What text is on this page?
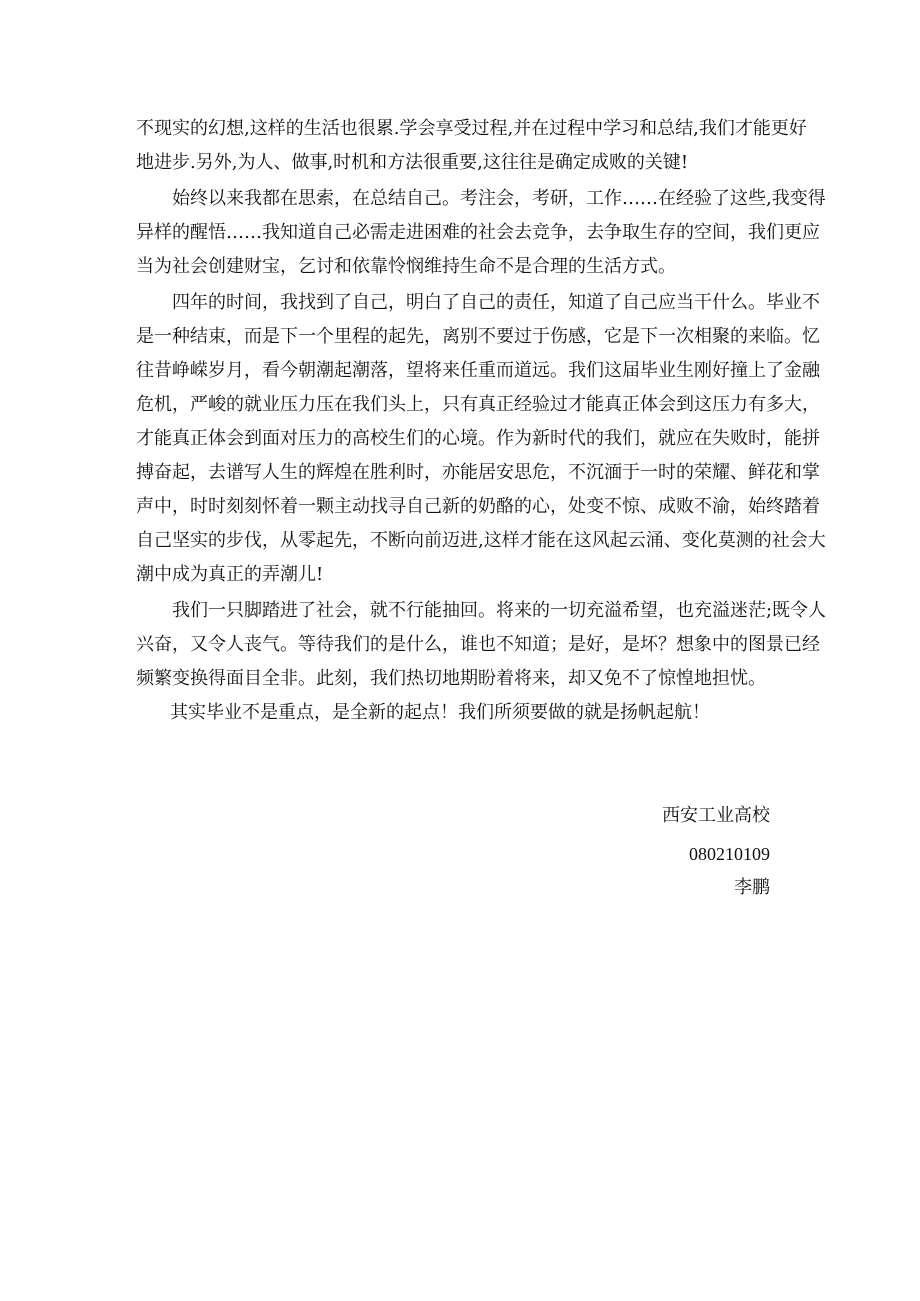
不现实的幻想,这样的生活也很累.学会享受过程,并在过程中学习和总结,我们才能更好
地进步.另外,为人、做事,时机和方法很重要,这往往是确定成败的关键!
始终以来我都在思索，在总结自己。考注会，考研，工作……在经验了这些,我变得
异样的醒悟……我知道自己必需走进困难的社会去竞争，去争取生存的空间，我们更应
当为社会创建财宝，乞讨和依靠怜悯维持生命不是合理的生活方式。
四年的时间，我找到了自己，明白了自己的责任，知道了自己应当干什么。毕业不
是一种结束，而是下一个里程的起先，离别不要过于伤感，它是下一次相聚的来临。忆
往昔峥嵘岁月，看今朝潮起潮落，望将来任重而道远。我们这届毕业生刚好撞上了金融
危机，严峻的就业压力压在我们头上，只有真正经验过才能真正体会到这压力有多大，
才能真正体会到面对压力的高校生们的心境。作为新时代的我们，就应在失败时，能拼
搏奋起，去谱写人生的辉煌在胜利时，亦能居安思危，不沉湎于一时的荣耀、鲜花和掌
声中，时时刻刻怀着一颗主动找寻自己新的奶酪的心，处变不惊、成败不渝，始终踏着
自己坚实的步伐，从零起先，不断向前迈进,这样才能在这风起云涌、变化莫测的社会大
潮中成为真正的弄潮儿!
我们一只脚踏进了社会，就不行能抽回。将来的一切充溢希望，也充溢迷茫;既令人
兴奋，又令人丧气。等待我们的是什么，谁也不知道；是好，是坏？想象中的图景已经
频繁变换得面目全非。此刻，我们热切地期盼着将来，却又免不了惊惶地担忧。
其实毕业不是重点，是全新的起点！我们所须要做的就是扬帆起航！
西安工业高校
080210109
李鹏
